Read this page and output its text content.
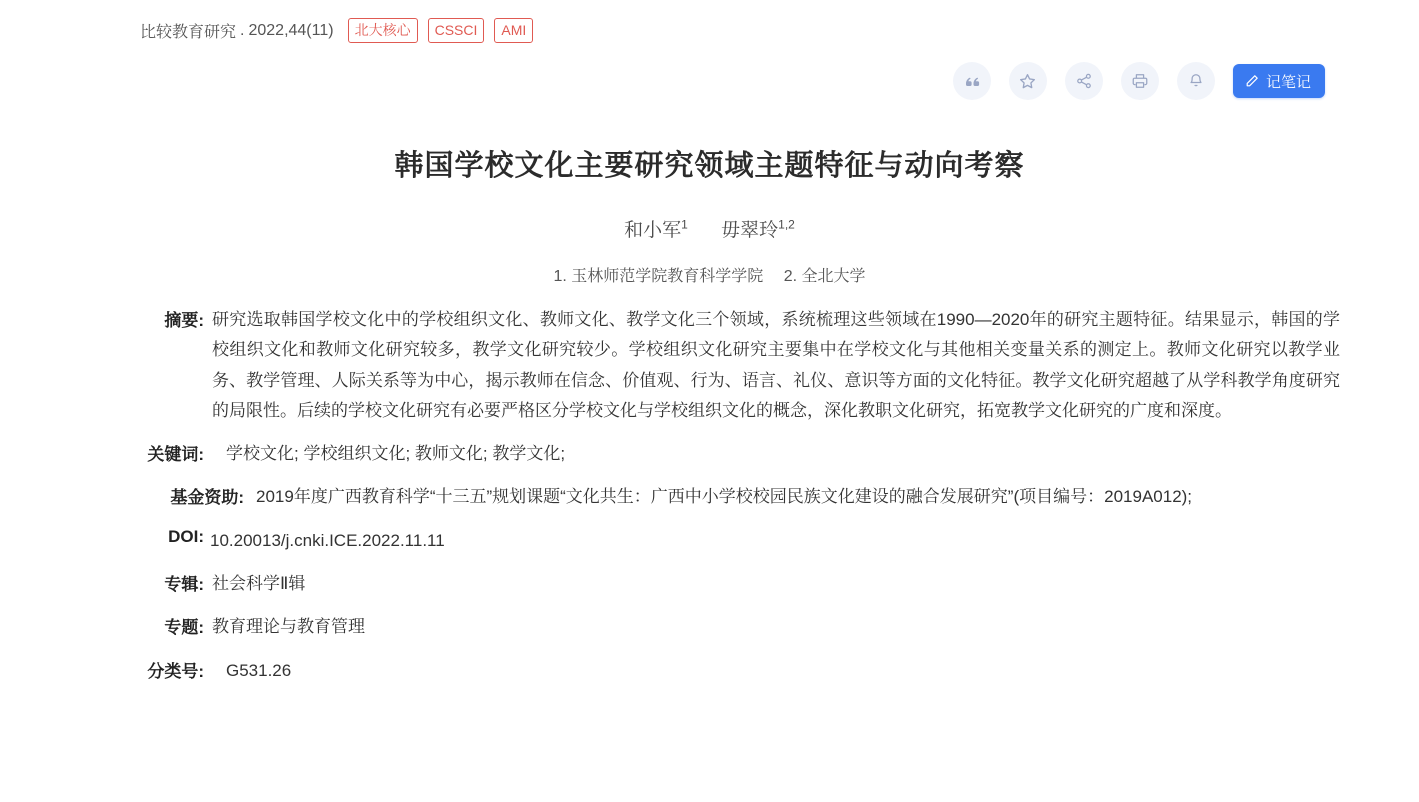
比较教育研究 . 2022,44(11)	北大核心	CSSCI	AMI
记笔记
韩国学校文化主要研究领域主题特征与动向考察
和小军$^1$ 毋翠玲$^{1,2}$
1. 玉林师范学院教育科学学院 2. 全北大学
摘要: 研究选取韩国学校文化中的学校组织文化、教师文化、教学文化三个领域，系统梳理这些领域在1990—2020年的研究主题特征。结果显示，韩国的学校组织文化和教师文化研究较多，教学文化研究较少。学校组织文化研究主要集中在学校文化与其他相关变量关系的测定上。教师文化研究以教学业务、教学管理、人际关系等为中心，揭示教师在信念、价值观、行为、语言、礼仪、意识等方面的文化特征。教学文化研究超越了从学科教学角度研究的局限性。后续的学校文化研究有必要严格区分学校文化与学校组织文化的概念，深化教职文化研究，拓宽教学文化研究的广度和深度。
关键词:	学校文化; 学校组织文化; 教师文化; 教学文化;
基金资助: 2019年度广西教育科学“十三五”规划课题“文化共生：广西中小学校校园民族文化建设的融合发展研究”(项目编号：2019A012);
DOI: 10.20013/j.cnki.ICE.2022.11.11
专辑: 社会科学Ⅱ辑
专题: 教育理论与教育管理
分类号:	G531.26
